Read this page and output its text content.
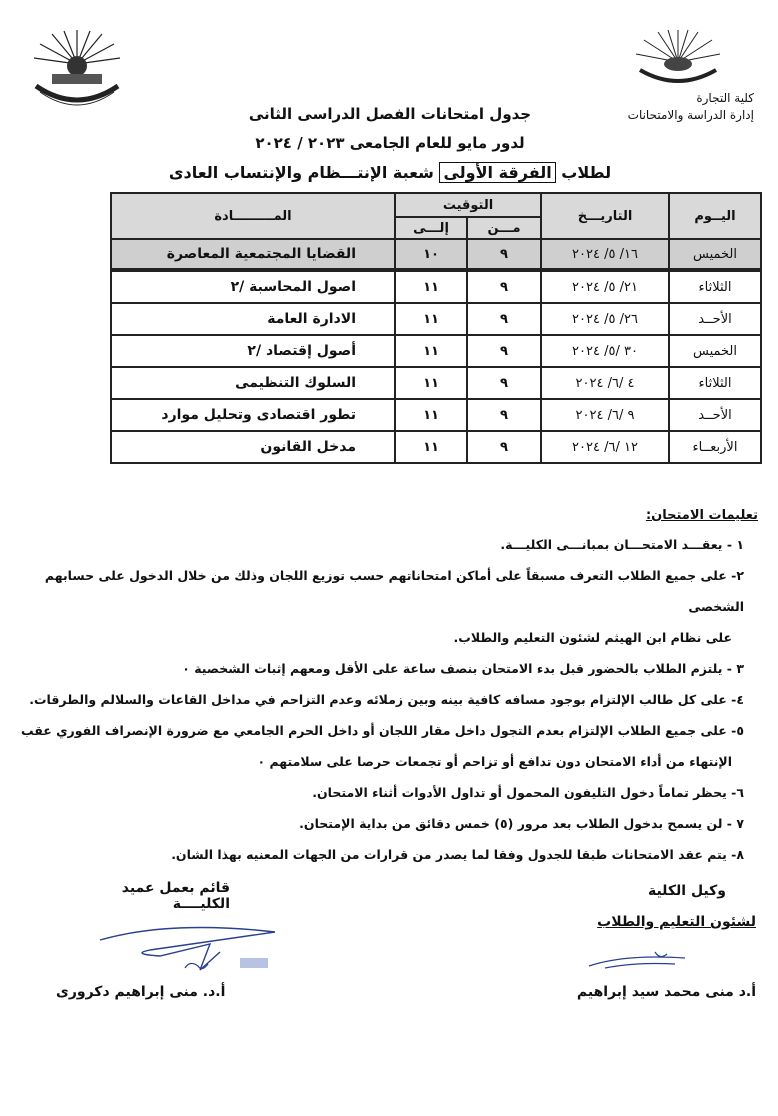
كلية التجارة
إدارة الدراسة والامتحانات
جدول امتحانات الفصل الدراسى الثانى
لدور مايو للعام الجامعى ٢٠٢٣ / ٢٠٢٤
لطلاب الفرقة الأولى شعبة الإنتـــظام والإنتساب العادى
اليــوم	التاريـــخ	التوقيت		المـــــــــادة
		مـــن	إلـــى	
الخميس	١٦/ ٥/ ٢٠٢٤	٩	١٠	القضايا المجتمعية المعاصرة
الثلاثاء	٢١/ ٥/ ٢٠٢٤	٩	١١	اصول المحاسبة /٢
الأحــد	٢٦/ ٥/ ٢٠٢٤	٩	١١	الادارة العامة
الخميس	٣٠ /٥/ ٢٠٢٤	٩	١١	أصول إقتصاد /٢
الثلاثاء	٤ /٦/ ٢٠٢٤	٩	١١	السلوك التنظيمى
الأحــد	٩ /٦/ ٢٠٢٤	٩	١١	تطور اقتصادى وتحليل موارد
الأربعــاء	١٢ /٦/ ٢٠٢٤	٩	١١	مدخل القانون
تعليمات الامتحان:
١ - يعقـــد الامتحـــان بمبانـــى الكليـــة.
٢- على جميع الطلاب التعرف مسبقاً على أماكن امتحاناتهم حسب توزيع اللجان وذلك من خلال الدخول على حسابهم الشخصى
على نظام ابن الهيثم لشئون التعليم والطلاب.
٣ - يلتزم الطلاب بالحضور قبل بدء الامتحان بنصف ساعة على الأقل ومعهم إثبات الشخصية ٠
٤- على كل طالب الإلتزام بوجود مسافه كافية بينه وبين زملائه وعدم التزاحم في مداخل القاعات والسلالم والطرقات.
٥- على جميع الطلاب الإلتزام بعدم التجول داخل مقار اللجان أو داخل الحرم الجامعي مع ضرورة الإنصراف الفوري عقب
الإنتهاء من أداء الامتحان دون تدافع أو تزاحم أو تجمعات حرصا على سلامتهم ٠
٦- يحظر تماماً دخول التليفون المحمول أو تداول الأدوات أثناء الامتحان.
٧ - لن يسمح بدخول الطلاب بعد مرور (٥) خمس دقائق من بداية الإمتحان.
٨- يتم عقد الامتحانات طبقا للجدول وفقا لما يصدر من قرارات من الجهات المعنيه بهذا الشان.
وكيل الكلية
لشئون التعليم والطلاب
أ.د منى محمد سيد إبراهيم
قائم بعمل عميد الكليــــة
أ.د. منى إبراهيم دكرورى
